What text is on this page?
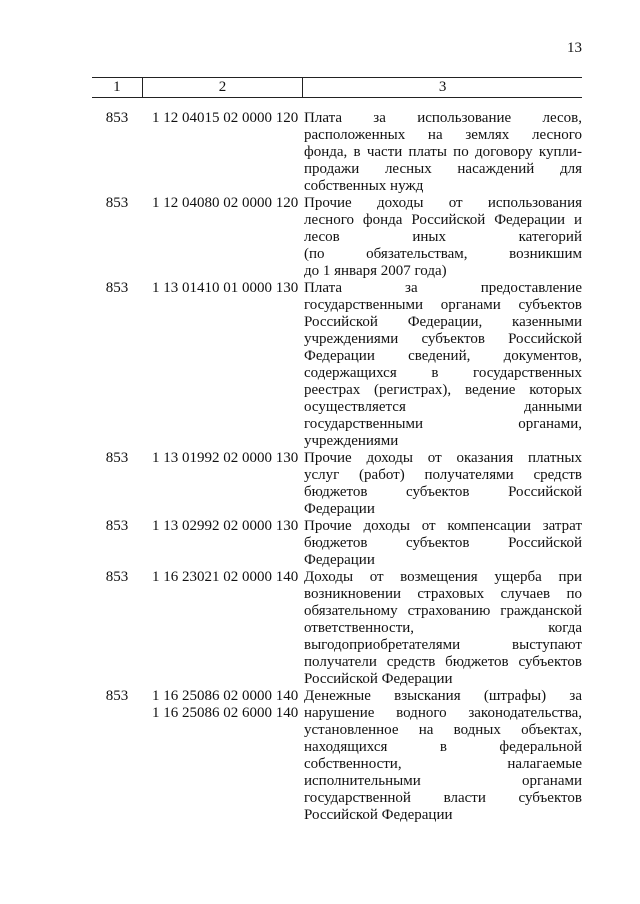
13
1	2	3
853	1 12 04015 02 0000 120 Плата за использование лесов,
расположенных на землях лесного
фонда, в части платы по договору купли-
продажи лесных насаждений для
собственных нужд
853	1 12 04080 02 0000 120 Прочие доходы от использования
лесного фонда Российской Федерации и
лесов иных категорий
(по обязательствам, возникшим
до 1 января 2007 года)
853	1 13 01410 01 0000 130 Плата за предоставление
государственными органами субъектов
Российской Федерации, казенными
учреждениями субъектов Российской
Федерации сведений, документов,
содержащихся в государственных
реестрах (регистрах), ведение которых
осуществляется данными
государственными органами,
учреждениями
853	1 13 01992 02 0000 130 Прочие доходы от оказания платных
услуг (работ) получателями средств
бюджетов субъектов Российской
Федерации
853	1 13 02992 02 0000 130 Прочие доходы от компенсации затрат
бюджетов субъектов Российской
Федерации
853	1 16 23021 02 0000 140 Доходы от возмещения ущерба при
возникновении страховых случаев по
обязательному страхованию гражданской
ответственности, когда
выгодоприобретателями выступают
получатели средств бюджетов субъектов
Российской Федерации
853	1 16 25086 02 0000 140
1 16 25086 02 6000 140
Денежные взыскания (штрафы) за
нарушение водного законодательства,
установленное на водных объектах,
находящихся в федеральной
собственности, налагаемые
исполнительными органами
государственной власти субъектов
Российской Федерации
